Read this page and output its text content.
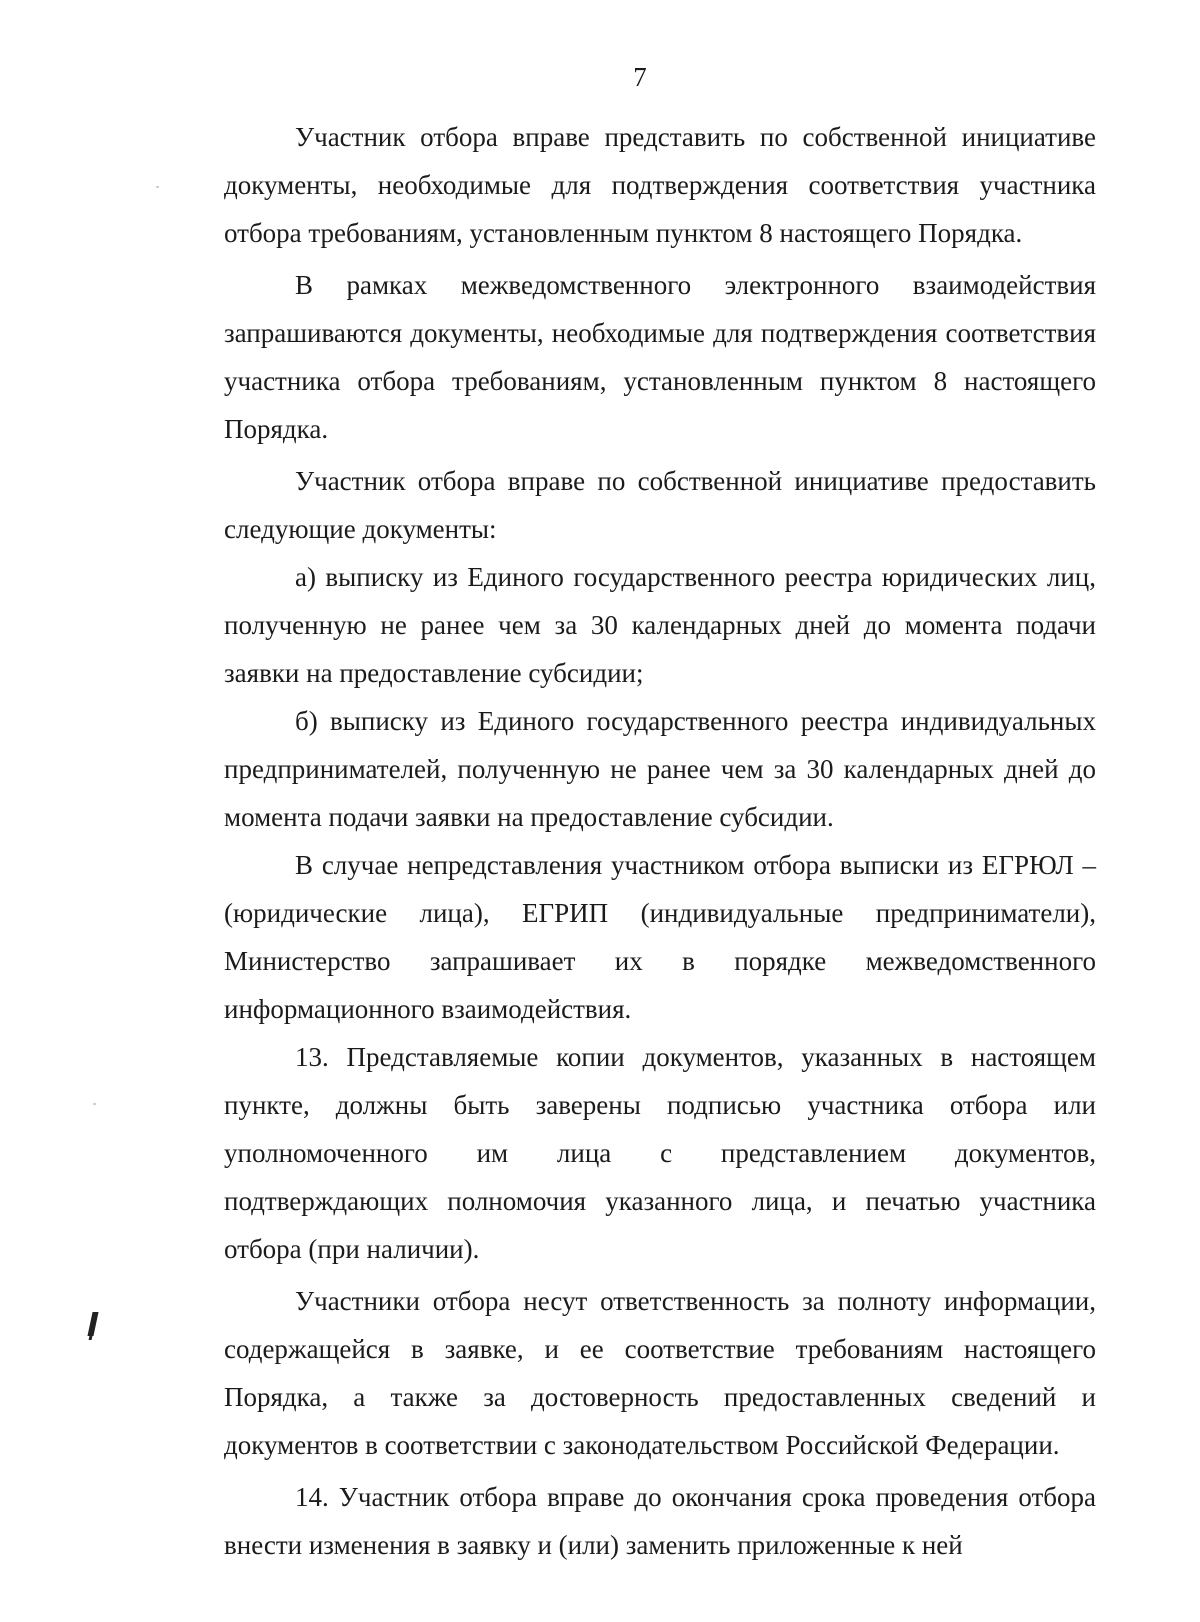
7

Участник отбора вправе представить по собственной инициативе документы, необходимые для подтверждения соответствия участника отбора требованиям, установленным пунктом 8 настоящего Порядка.

В рамках межведомственного электронного взаимодействия запрашиваются документы, необходимые для подтверждения соответствия участника отбора требованиям, установленным пунктом 8 настоящего Порядка.

Участник отбора вправе по собственной инициативе предоставить следующие документы:

а) выписку из Единого государственного реестра юридических лиц, полученную не ранее чем за 30 календарных дней до момента подачи заявки на предоставление субсидии;

б) выписку из Единого государственного реестра индивидуальных предпринимателей, полученную не ранее чем за 30 календарных дней до момента подачи заявки на предоставление субсидии.

В случае непредставления участником отбора выписки из ЕГРЮЛ – (юридические лица), ЕГРИП (индивидуальные предприниматели), Министерство запрашивает их в порядке межведомственного информационного взаимодействия.

13. Представляемые копии документов, указанных в настоящем пункте, должны быть заверены подписью участника отбора или уполномоченного им лица с представлением документов, подтверждающих полномочия указанного лица, и печатью участника отбора (при наличии).

Участники отбора несут ответственность за полноту информации, содержащейся в заявке, и ее соответствие требованиям настоящего Порядка, а также за достоверность предоставленных сведений и документов в соответствии с законодательством Российской Федерации.

14. Участник отбора вправе до окончания срока проведения отбора внести изменения в заявку и (или) заменить приложенные к ней
